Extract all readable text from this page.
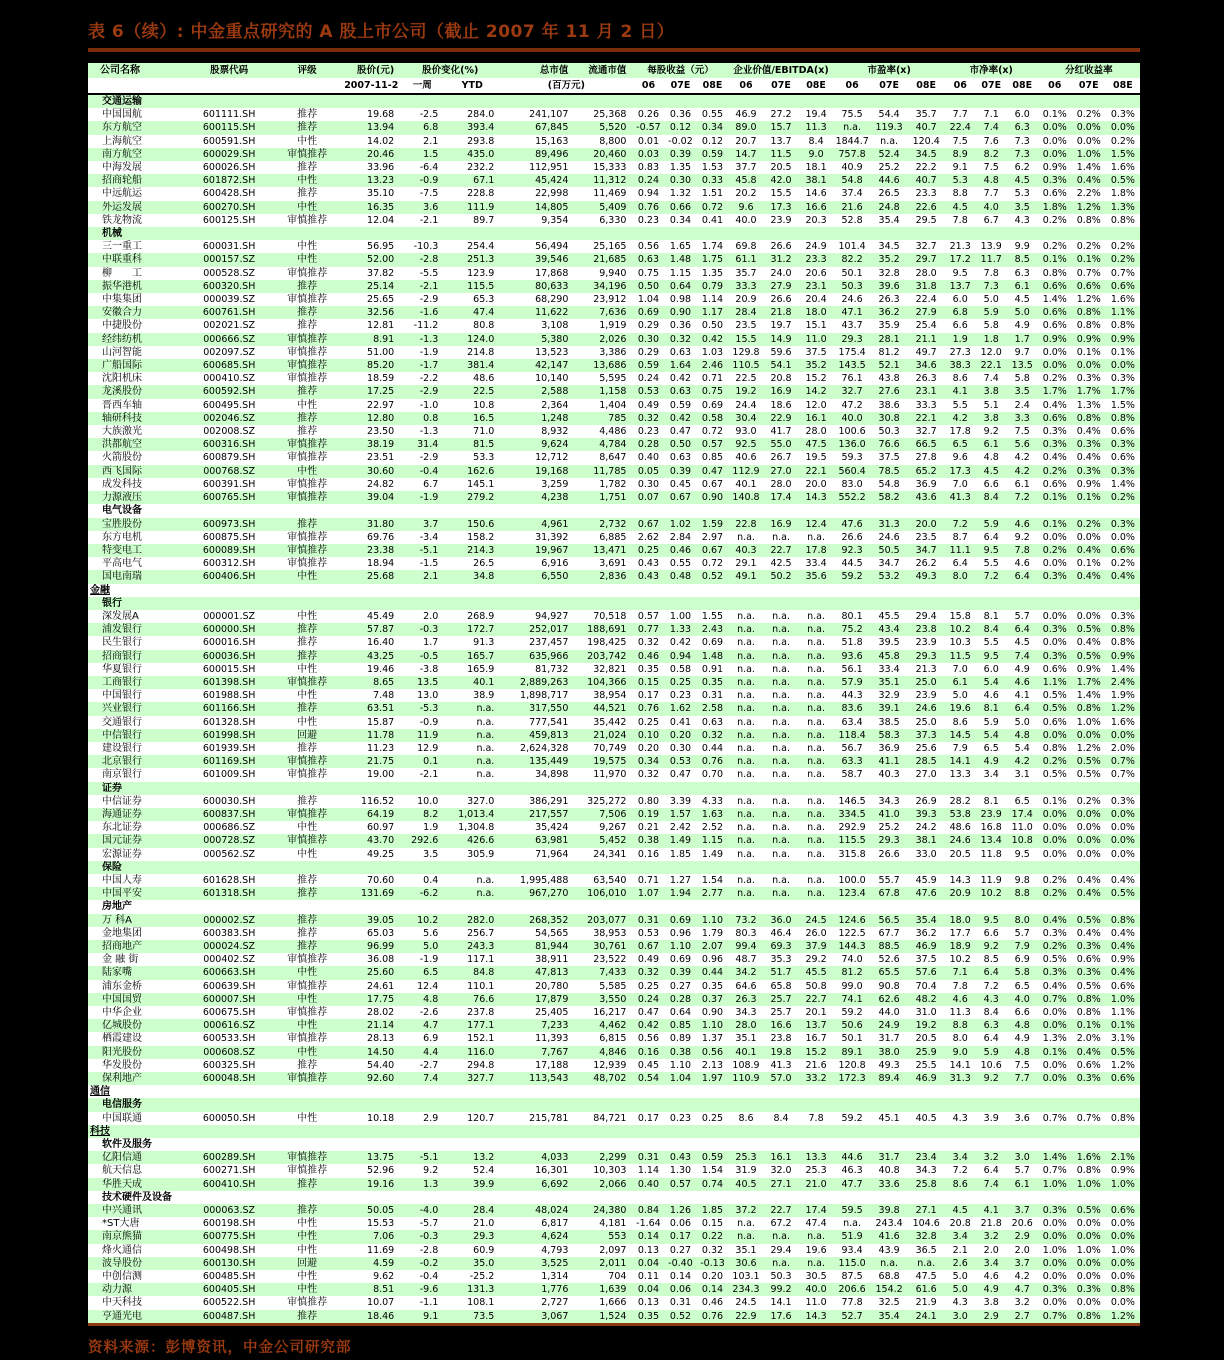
表 6（续）: 中金重点研究的 A 股上市公司（截止 2007 年 11 月 2 日）
公司名称	股票代码	评级	股价(元)	股价变化(%)		总市值	流通市值	每股收益（元）			企业价值/EBITDA(x)			市盈率(x)			市净率(x)			分红收益率		
			2007-11-2	一周	YTD	(百万元)		06	07E	08E	06	07E	08E	06	07E	08E	06	07E	08E	06	07E	08E
交通运输																						
中国国航	601111.SH	推荐	19.68	-2.5	284.0	241,107	25,368	0.26	0.36	0.55	46.9	27.2	19.4	75.5	54.4	35.7	7.7	7.1	6.0	0.1%	0.2%	0.3%
东方航空	600115.SH	推荐	13.94	6.8	393.4	67,845	5,520	-0.57	0.12	0.34	89.0	15.7	11.3	n.a.	119.3	40.7	22.4	7.4	6.3	0.0%	0.0%	0.0%
上海航空	600591.SH	中性	14.02	2.1	293.8	15,163	8,800	0.01	-0.02	0.12	20.7	13.7	8.4	1844.7	n.a.	120.4	7.5	7.6	7.3	0.0%	0.0%	0.2%
南方航空	600029.SH	审慎推荐	20.46	1.5	435.0	89,496	20,460	0.03	0.39	0.59	14.7	11.5	9.0	757.8	52.4	34.5	8.9	8.2	7.3	0.0%	1.0%	1.5%
中海发展	600026.SH	推荐	33.96	-6.4	232.2	112,951	15,333	0.83	1.35	1.53	37.7	20.5	18.1	40.9	25.2	22.2	9.1	7.5	6.2	0.9%	1.4%	1.6%
招商轮船	601872.SH	中性	13.23	-0.9	67.1	45,424	11,312	0.24	0.30	0.33	45.8	42.0	38.1	54.8	44.6	40.7	5.3	4.8	4.5	0.3%	0.4%	0.5%
中远航运	600428.SH	推荐	35.10	-7.5	228.8	22,998	11,469	0.94	1.32	1.51	20.2	15.5	14.6	37.4	26.5	23.3	8.8	7.7	5.3	0.6%	2.2%	1.8%
外运发展	600270.SH	中性	16.35	3.6	111.9	14,805	5,409	0.76	0.66	0.72	9.6	17.3	16.6	21.6	24.8	22.6	4.5	4.0	3.5	1.8%	1.2%	1.3%
铁龙物流	600125.SH	审慎推荐	12.04	-2.1	89.7	9,354	6,330	0.23	0.34	0.41	40.0	23.9	20.3	52.8	35.4	29.5	7.8	6.7	4.3	0.2%	0.8%	0.8%
机械																						
三一重工	600031.SH	中性	56.95	-10.3	254.4	56,494	25,165	0.56	1.65	1.74	69.8	26.6	24.9	101.4	34.5	32.7	21.3	13.9	9.9	0.2%	0.2%	0.2%
中联重科	000157.SZ	中性	52.00	-2.8	251.3	39,546	21,685	0.63	1.48	1.75	61.1	31.2	23.3	82.2	35.2	29.7	17.2	11.7	8.5	0.1%	0.1%	0.2%
柳　　工	000528.SZ	审慎推荐	37.82	-5.5	123.9	17,868	9,940	0.75	1.15	1.35	35.7	24.0	20.6	50.1	32.8	28.0	9.5	7.8	6.3	0.8%	0.7%	0.7%
振华港机	600320.SH	推荐	25.14	-2.1	115.5	80,633	34,196	0.50	0.64	0.79	33.3	27.9	23.1	50.3	39.6	31.8	13.7	7.3	6.1	0.6%	0.6%	0.6%
中集集团	000039.SZ	审慎推荐	25.65	-2.9	65.3	68,290	23,912	1.04	0.98	1.14	20.9	26.6	20.4	24.6	26.3	22.4	6.0	5.0	4.5	1.4%	1.2%	1.6%
安徽合力	600761.SH	推荐	32.56	-1.6	47.4	11,622	7,636	0.69	0.90	1.17	28.4	21.8	18.0	47.1	36.2	27.9	6.8	5.9	5.0	0.6%	0.8%	1.1%
中捷股份	002021.SZ	推荐	12.81	-11.2	80.8	3,108	1,919	0.29	0.36	0.50	23.5	19.7	15.1	43.7	35.9	25.4	6.6	5.8	4.9	0.6%	0.8%	0.8%
经纬纺机	000666.SZ	审慎推荐	8.91	-1.3	124.0	5,380	2,026	0.30	0.32	0.42	15.5	14.9	11.0	29.3	28.1	21.1	1.9	1.8	1.7	0.9%	0.9%	0.9%
山河智能	002097.SZ	审慎推荐	51.00	-1.9	214.8	13,523	3,386	0.29	0.63	1.03	129.8	59.6	37.5	175.4	81.2	49.7	27.3	12.0	9.7	0.0%	0.1%	0.1%
广船国际	600685.SH	审慎推荐	85.20	-1.7	381.4	42,147	13,686	0.59	1.64	2.46	110.5	54.1	35.2	143.5	52.1	34.6	38.3	22.1	13.5	0.0%	0.0%	0.0%
沈阳机床	000410.SZ	审慎推荐	18.59	-2.2	48.6	10,140	5,595	0.24	0.42	0.71	22.5	20.8	15.2	76.1	43.8	26.3	8.6	7.4	5.8	0.2%	0.3%	0.3%
龙溪股份	600592.SH	推荐	17.25	-2.9	22.5	2,588	1,158	0.53	0.63	0.75	19.2	16.9	14.2	32.7	27.6	23.1	4.1	3.8	3.5	1.7%	1.7%	1.7%
晋西车轴	600495.SH	中性	22.97	-1.0	10.8	2,364	1,404	0.49	0.59	0.69	24.4	18.6	12.0	47.2	38.6	33.3	5.5	5.1	2.4	0.4%	1.3%	1.5%
轴研科技	002046.SZ	推荐	12.80	0.8	16.5	1,248	785	0.32	0.42	0.58	30.4	22.9	16.1	40.0	30.8	22.1	4.2	3.8	3.3	0.6%	0.8%	0.8%
大族激光	002008.SZ	推荐	23.50	-1.3	71.0	8,932	4,486	0.23	0.47	0.72	93.0	41.7	28.0	100.6	50.3	32.7	17.8	9.2	7.5	0.3%	0.4%	0.6%
洪都航空	600316.SH	审慎推荐	38.19	31.4	81.5	9,624	4,784	0.28	0.50	0.57	92.5	55.0	47.5	136.0	76.6	66.5	6.5	6.1	5.6	0.3%	0.3%	0.3%
火箭股份	600879.SH	审慎推荐	23.51	-2.9	53.3	12,712	8,647	0.40	0.63	0.85	40.6	26.7	19.5	59.3	37.5	27.8	9.6	4.8	4.2	0.4%	0.4%	0.6%
西飞国际	000768.SZ	中性	30.60	-0.4	162.6	19,168	11,785	0.05	0.39	0.47	112.9	27.0	22.1	560.4	78.5	65.2	17.3	4.5	4.2	0.2%	0.3%	0.3%
成发科技	600391.SH	审慎推荐	24.82	6.7	145.1	3,259	1,782	0.30	0.45	0.67	40.1	28.0	20.0	83.0	54.8	36.9	7.0	6.6	6.1	0.6%	0.9%	1.4%
力源液压	600765.SH	审慎推荐	39.04	-1.9	279.2	4,238	1,751	0.07	0.67	0.90	140.8	17.4	14.3	552.2	58.2	43.6	41.3	8.4	7.2	0.1%	0.1%	0.2%
电气设备																						
宝胜股份	600973.SH	推荐	31.80	3.7	150.6	4,961	2,732	0.67	1.02	1.59	22.8	16.9	12.4	47.6	31.3	20.0	7.2	5.9	4.6	0.1%	0.2%	0.3%
东方电机	600875.SH	审慎推荐	69.76	-3.4	158.2	31,392	6,885	2.62	2.84	2.97	n.a.	n.a.	n.a.	26.6	24.6	23.5	8.7	6.4	9.2	0.0%	0.0%	0.0%
特变电工	600089.SH	审慎推荐	23.38	-5.1	214.3	19,967	13,471	0.25	0.46	0.67	40.3	22.7	17.8	92.3	50.5	34.7	11.1	9.5	7.8	0.2%	0.4%	0.6%
平高电气	600312.SH	审慎推荐	18.94	-1.5	26.5	6,916	3,691	0.43	0.55	0.72	29.1	42.5	33.4	44.5	34.7	26.2	6.4	5.5	4.6	0.0%	0.1%	0.2%
国电南瑞	600406.SH	中性	25.68	2.1	34.8	6,550	2,836	0.43	0.48	0.52	49.1	50.2	35.6	59.2	53.2	49.3	8.0	7.2	6.4	0.3%	0.4%	0.4%
金融																						
银行																						
深发展A	000001.SZ	中性	45.49	2.0	268.9	94,927	70,518	0.57	1.00	1.55	n.a.	n.a.	n.a.	80.1	45.5	29.4	15.8	8.1	5.7	0.0%	0.0%	0.3%
浦发银行	600000.SH	推荐	57.87	-0.3	172.7	252,017	188,691	0.77	1.33	2.43	n.a.	n.a.	n.a.	75.2	43.4	23.8	10.2	8.4	6.4	0.3%	0.5%	0.8%
民生银行	600016.SH	推荐	16.40	1.7	91.3	237,457	198,425	0.32	0.42	0.69	n.a.	n.a.	n.a.	51.8	39.5	23.9	10.3	5.5	4.5	0.0%	0.4%	0.8%
招商银行	600036.SH	推荐	43.25	-0.5	165.7	635,966	203,742	0.46	0.94	1.48	n.a.	n.a.	n.a.	93.6	45.8	29.3	11.5	9.5	7.4	0.3%	0.5%	0.9%
华夏银行	600015.SH	中性	19.46	-3.8	165.9	81,732	32,821	0.35	0.58	0.91	n.a.	n.a.	n.a.	56.1	33.4	21.3	7.0	6.0	4.9	0.6%	0.9%	1.4%
工商银行	601398.SH	审慎推荐	8.65	13.5	40.1	2,889,263	104,366	0.15	0.25	0.35	n.a.	n.a.	n.a.	57.9	35.1	25.0	6.1	5.4	4.6	1.1%	1.7%	2.4%
中国银行	601988.SH	中性	7.48	13.0	38.9	1,898,717	38,954	0.17	0.23	0.31	n.a.	n.a.	n.a.	44.3	32.9	23.9	5.0	4.6	4.1	0.5%	1.4%	1.9%
兴业银行	601166.SH	推荐	63.51	-5.3	n.a.	317,550	44,521	0.76	1.62	2.58	n.a.	n.a.	n.a.	83.6	39.1	24.6	19.6	8.1	6.4	0.5%	0.8%	1.2%
交通银行	601328.SH	中性	15.87	-0.9	n.a.	777,541	35,442	0.25	0.41	0.63	n.a.	n.a.	n.a.	63.4	38.5	25.0	8.6	5.9	5.0	0.6%	1.0%	1.6%
中信银行	601998.SH	回避	11.78	11.9	n.a.	459,813	21,024	0.10	0.20	0.32	n.a.	n.a.	n.a.	118.4	58.3	37.3	14.5	5.4	4.8	0.0%	0.0%	0.0%
建设银行	601939.SH	推荐	11.23	12.9	n.a.	2,624,328	70,749	0.20	0.30	0.44	n.a.	n.a.	n.a.	56.7	36.9	25.6	7.9	6.5	5.4	0.8%	1.2%	2.0%
北京银行	601169.SH	审慎推荐	21.75	0.1	n.a.	135,449	19,575	0.34	0.53	0.76	n.a.	n.a.	n.a.	63.3	41.1	28.5	14.1	4.9	4.2	0.2%	0.5%	0.7%
南京银行	601009.SH	审慎推荐	19.00	-2.1	n.a.	34,898	11,970	0.32	0.47	0.70	n.a.	n.a.	n.a.	58.7	40.3	27.0	13.3	3.4	3.1	0.5%	0.5%	0.7%
证券																						
中信证券	600030.SH	推荐	116.52	10.0	327.0	386,291	325,272	0.80	3.39	4.33	n.a.	n.a.	n.a.	146.5	34.3	26.9	28.2	8.1	6.5	0.1%	0.2%	0.3%
海通证券	600837.SH	审慎推荐	64.19	8.2	1,013.4	217,557	7,506	0.19	1.57	1.63	n.a.	n.a.	n.a.	334.5	41.0	39.3	53.8	23.9	17.4	0.0%	0.0%	0.0%
东北证券	000686.SZ	中性	60.97	1.9	1,304.8	35,424	9,267	0.21	2.42	2.52	n.a.	n.a.	n.a.	292.9	25.2	24.2	48.6	16.8	11.0	0.0%	0.0%	0.0%
国元证券	000728.SZ	审慎推荐	43.70	292.6	426.6	63,981	5,452	0.38	1.49	1.15	n.a.	n.a.	n.a.	115.5	29.3	38.1	24.6	13.4	10.8	0.0%	0.0%	0.0%
宏源证券	000562.SZ	中性	49.25	3.5	305.9	71,964	24,341	0.16	1.85	1.49	n.a.	n.a.	n.a.	315.8	26.6	33.0	20.5	11.8	9.5	0.0%	0.0%	0.0%
保险																						
中国人寿	601628.SH	推荐	70.60	0.4	n.a.	1,995,488	63,540	0.71	1.27	1.54	n.a.	n.a.	n.a.	100.0	55.7	45.9	14.3	11.9	9.8	0.2%	0.4%	0.4%
中国平安	601318.SH	推荐	131.69	-6.2	n.a.	967,270	106,010	1.07	1.94	2.77	n.a.	n.a.	n.a.	123.4	67.8	47.6	20.9	10.2	8.8	0.2%	0.4%	0.5%
房地产																						
万 科A	000002.SZ	推荐	39.05	10.2	282.0	268,352	203,077	0.31	0.69	1.10	73.2	36.0	24.5	124.6	56.5	35.4	18.0	9.5	8.0	0.4%	0.5%	0.8%
金地集团	600383.SH	推荐	65.03	5.6	256.7	54,565	38,953	0.53	0.96	1.79	80.3	46.4	26.0	122.5	67.7	36.2	17.7	6.6	5.7	0.3%	0.4%	0.4%
招商地产	000024.SZ	推荐	96.99	5.0	243.3	81,944	30,761	0.67	1.10	2.07	99.4	69.3	37.9	144.3	88.5	46.9	18.9	9.2	7.9	0.2%	0.3%	0.4%
金 融 街	000402.SZ	审慎推荐	36.08	-1.9	117.1	38,911	23,522	0.49	0.69	0.96	48.7	35.3	29.2	74.0	52.6	37.5	10.2	8.5	6.9	0.5%	0.6%	0.9%
陆家嘴	600663.SH	中性	25.60	6.5	84.8	47,813	7,433	0.32	0.39	0.44	34.2	51.7	45.5	81.2	65.5	57.6	7.1	6.4	5.8	0.3%	0.3%	0.4%
浦东金桥	600639.SH	审慎推荐	24.61	12.4	110.1	20,780	5,585	0.25	0.27	0.35	64.6	65.8	50.8	99.0	90.8	70.4	7.8	7.2	6.5	0.4%	0.5%	0.6%
中国国贸	600007.SH	中性	17.75	4.8	76.6	17,879	3,550	0.24	0.28	0.37	26.3	25.7	22.7	74.1	62.6	48.2	4.6	4.3	4.0	0.7%	0.8%	1.0%
中华企业	600675.SH	审慎推荐	28.02	-2.6	237.8	25,405	16,217	0.47	0.64	0.90	34.3	25.7	20.1	59.2	44.0	31.0	11.3	8.4	6.6	0.0%	0.8%	1.1%
亿城股份	000616.SZ	中性	21.14	4.7	177.1	7,233	4,462	0.42	0.85	1.10	28.0	16.6	13.7	50.6	24.9	19.2	8.8	6.3	4.8	0.0%	0.1%	0.1%
栖霞建设	600533.SH	审慎推荐	28.13	6.9	152.1	11,393	6,815	0.56	0.89	1.37	35.1	23.8	16.7	50.1	31.7	20.5	8.0	6.4	4.9	1.3%	2.0%	3.1%
阳光股份	000608.SZ	中性	14.50	4.4	116.0	7,767	4,846	0.16	0.38	0.56	40.1	19.8	15.2	89.1	38.0	25.9	9.0	5.9	4.8	0.1%	0.4%	0.5%
华发股份	600325.SH	推荐	54.40	-2.7	294.8	17,188	12,939	0.45	1.10	2.13	108.9	41.3	21.6	120.8	49.3	25.5	14.1	10.6	7.5	0.0%	0.6%	1.2%
保利地产	600048.SH	审慎推荐	92.60	7.4	327.7	113,543	48,702	0.54	1.04	1.97	110.9	57.0	33.2	172.3	89.4	46.9	31.3	9.2	7.7	0.0%	0.3%	0.6%
通信																						
电信服务																						
中国联通	600050.SH	中性	10.18	2.9	120.7	215,781	84,721	0.17	0.23	0.25	8.6	8.4	7.8	59.2	45.1	40.5	4.3	3.9	3.6	0.7%	0.7%	0.8%
科技																						
软件及服务																						
亿阳信通	600289.SH	审慎推荐	13.75	-5.1	13.2	4,033	2,299	0.31	0.43	0.59	25.3	16.1	13.3	44.6	31.7	23.4	3.4	3.2	3.0	1.4%	1.6%	2.1%
航天信息	600271.SH	审慎推荐	52.96	9.2	52.4	16,301	10,303	1.14	1.30	1.54	31.9	32.0	25.3	46.3	40.8	34.3	7.2	6.4	5.7	0.7%	0.8%	0.9%
华胜天成	600410.SH	推荐	19.16	1.3	39.9	6,692	2,066	0.40	0.57	0.74	40.5	27.1	21.0	47.7	33.6	25.8	8.6	7.4	6.1	1.0%	1.0%	1.0%
技术硬件及设备																						
中兴通讯	000063.SZ	推荐	50.05	-4.0	28.4	48,024	24,380	0.84	1.26	1.85	37.2	22.7	17.4	59.5	39.8	27.1	4.5	4.1	3.7	0.3%	0.5%	0.6%
*ST大唐	600198.SH	中性	15.53	-5.7	21.0	6,817	4,181	-1.64	0.06	0.15	n.a.	67.2	47.4	n.a.	243.4	104.6	20.8	21.8	20.6	0.0%	0.0%	0.0%
南京熊猫	600775.SH	中性	7.06	-0.3	29.3	4,624	553	0.14	0.17	0.22	n.a.	n.a.	n.a.	51.9	41.6	32.8	3.4	3.2	2.9	0.0%	0.0%	0.0%
烽火通信	600498.SH	中性	11.69	-2.8	60.9	4,793	2,097	0.13	0.27	0.32	35.1	29.4	19.6	93.4	43.9	36.5	2.1	2.0	2.0	1.0%	1.0%	1.0%
波导股份	600130.SH	回避	4.59	-0.2	35.0	3,525	2,011	0.04	-0.40	-0.13	30.6	n.a.	n.a.	115.0	n.a.	n.a.	2.6	3.4	3.7	0.0%	0.0%	0.0%
中创信测	600485.SH	中性	9.62	-0.4	-25.2	1,314	704	0.11	0.14	0.20	103.1	50.3	30.5	87.5	68.8	47.5	5.0	4.6	4.2	0.0%	0.0%	0.0%
动力源	600405.SH	中性	8.51	-9.6	131.3	1,776	1,639	0.04	0.06	0.14	234.3	99.2	40.0	206.6	154.2	61.6	5.0	4.9	4.7	0.3%	0.3%	0.8%
中天科技	600522.SH	审慎推荐	10.07	-1.1	108.1	2,727	1,666	0.13	0.31	0.46	24.5	14.1	11.0	77.8	32.5	21.9	4.3	3.8	3.2	0.0%	0.0%	0.0%
亨通光电	600487.SH	推荐	18.46	9.1	73.5	3,067	1,524	0.35	0.52	0.76	22.9	17.6	14.3	52.7	35.4	24.1	3.0	2.9	2.7	0.7%	0.8%	1.2%
资料来源：彭博资讯，中金公司研究部
